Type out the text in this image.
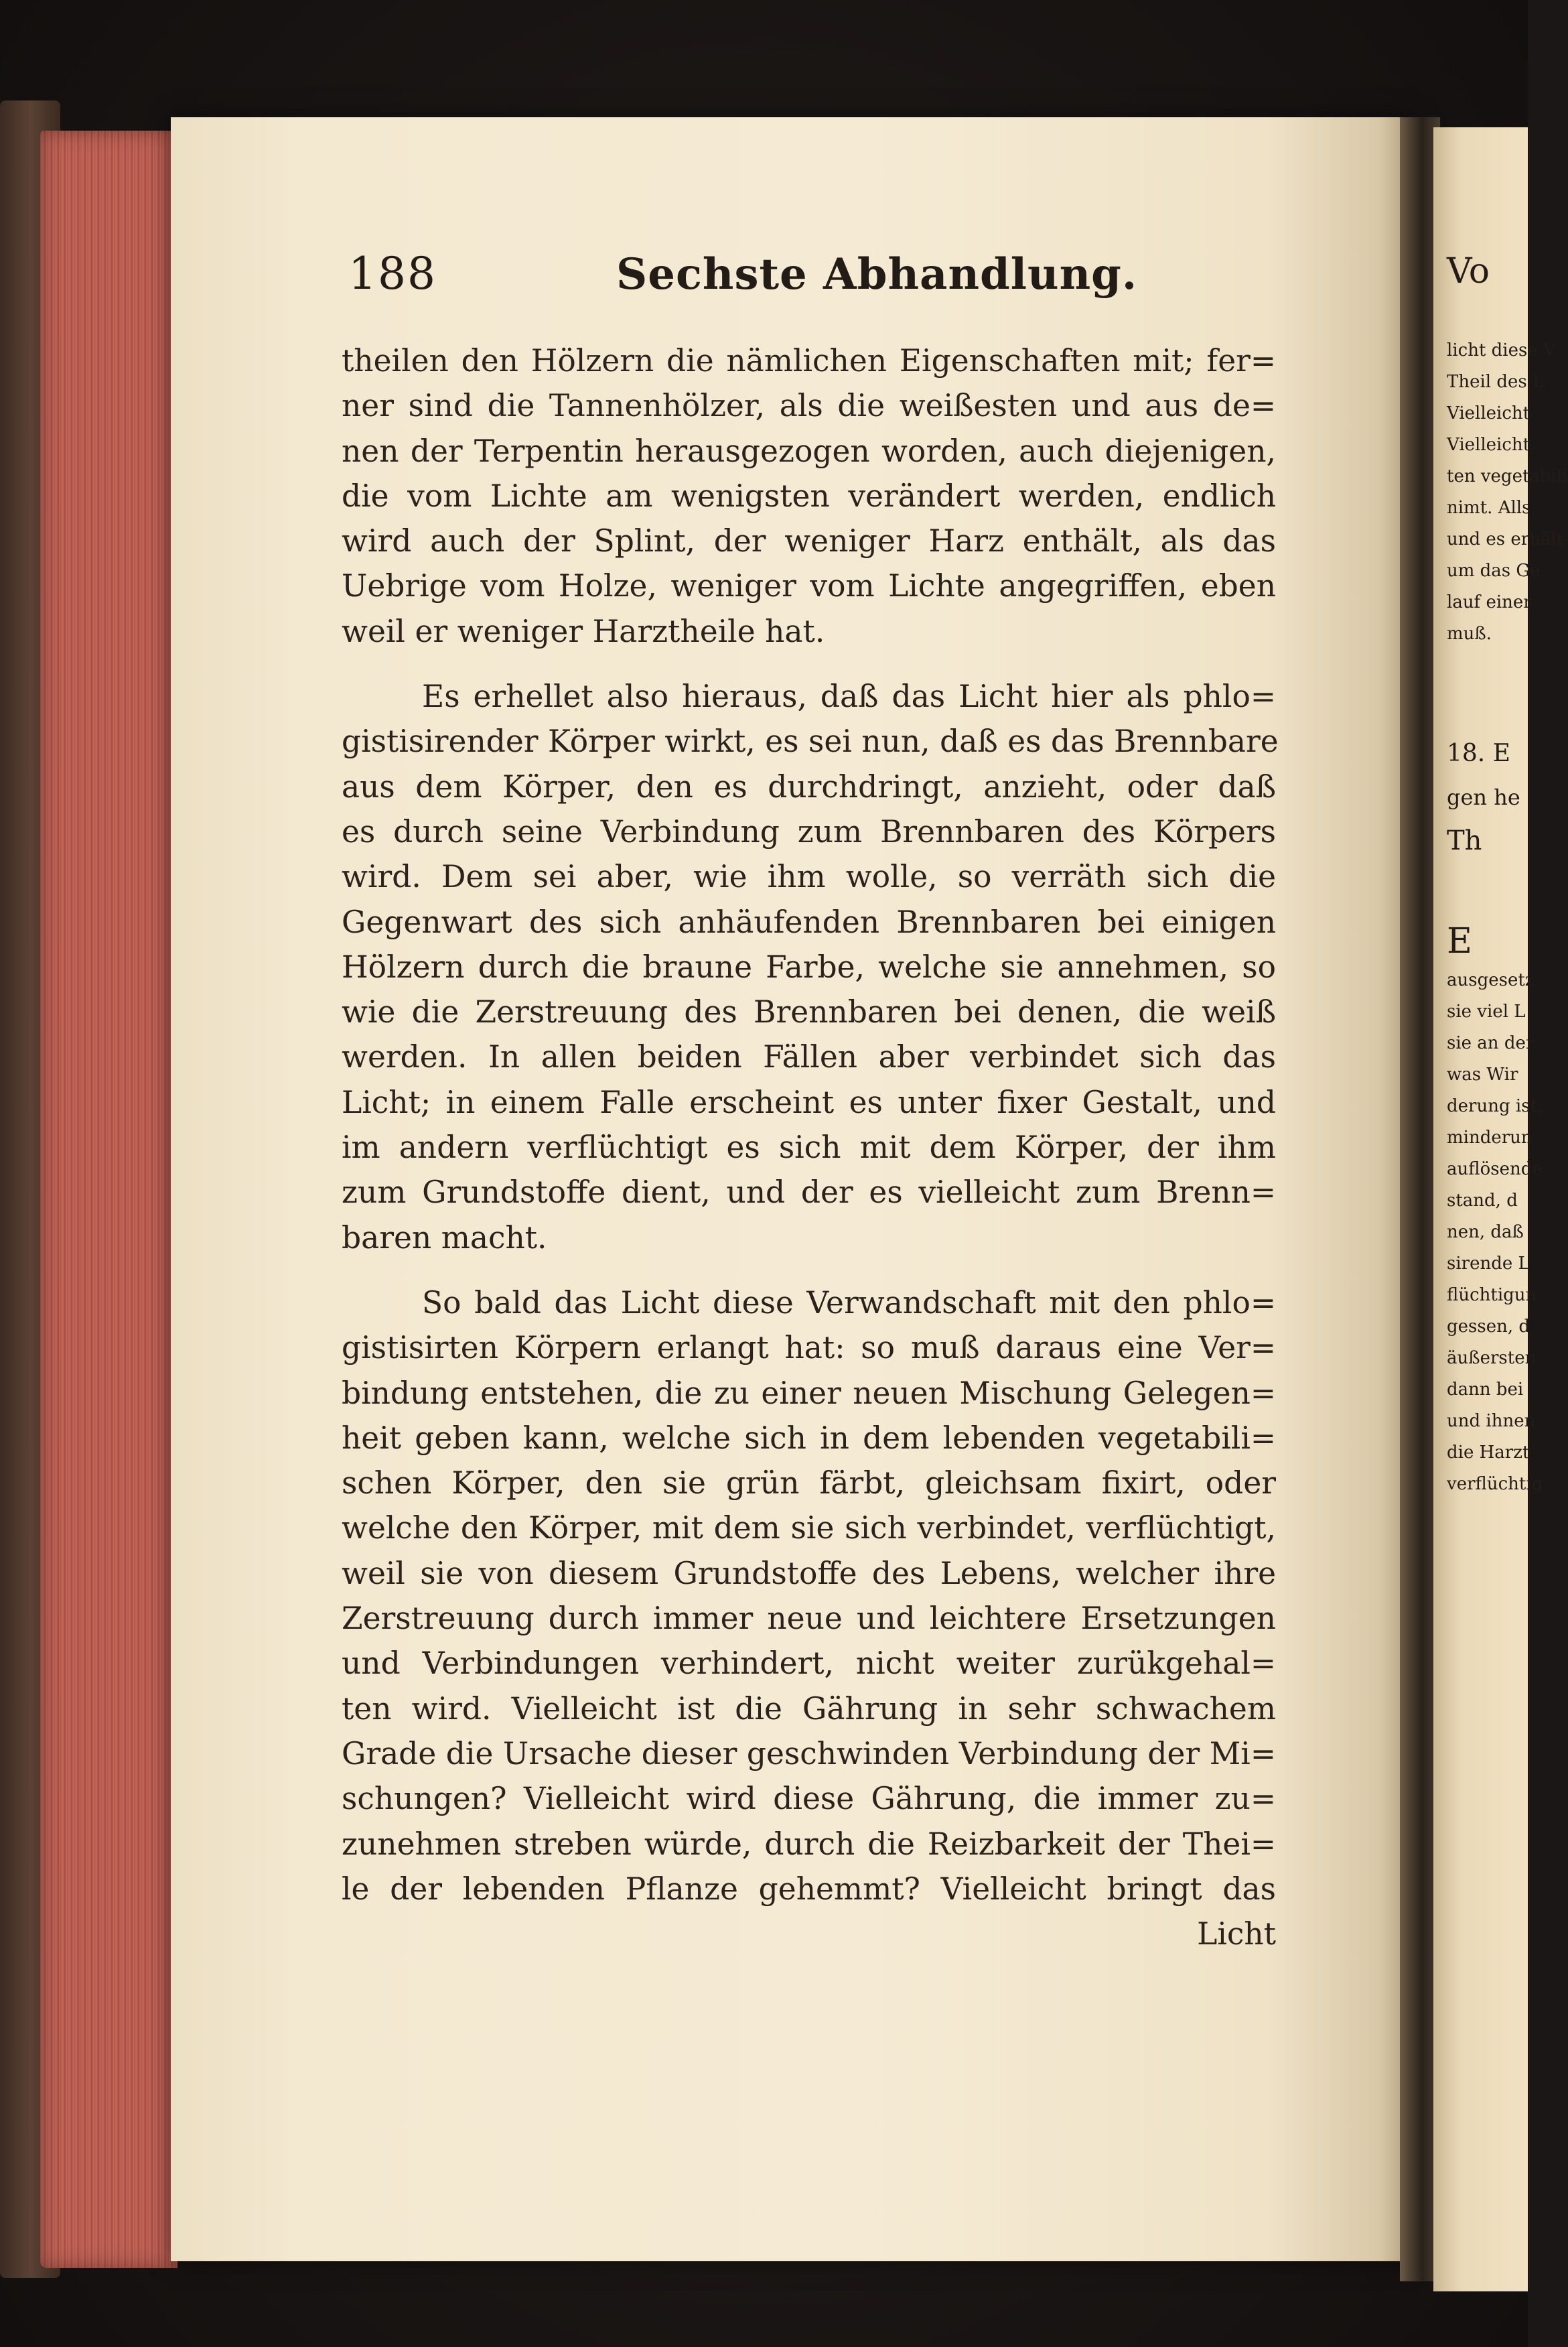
188	Sechste Abhandlung.
theilen den Hölzern die nämlichen Eigenschaften mit; fer=
ner sind die Tannenhölzer, als die weißesten und aus de=
nen der Terpentin herausgezogen worden, auch diejenigen,
die vom Lichte am wenigsten verändert werden, endlich
wird auch der Splint, der weniger Harz enthält, als das
Uebrige vom Holze, weniger vom Lichte angegriffen, eben
weil er weniger Harztheile hat.
Es erhellet also hieraus, daß das Licht hier als phlo=
gistisirender Körper wirkt, es sei nun, daß es das Brennbare
aus dem Körper, den es durchdringt, anzieht, oder daß
es durch seine Verbindung zum Brennbaren des Körpers
wird. Dem sei aber, wie ihm wolle, so verräth sich die
Gegenwart des sich anhäufenden Brennbaren bei einigen
Hölzern durch die braune Farbe, welche sie annehmen, so
wie die Zerstreuung des Brennbaren bei denen, die weiß
werden. In allen beiden Fällen aber verbindet sich das
Licht; in einem Falle erscheint es unter fixer Gestalt, und
im andern verflüchtigt es sich mit dem Körper, der ihm
zum Grundstoffe dient, und der es vielleicht zum Brenn=
baren macht.
So bald das Licht diese Verwandschaft mit den phlo=
gistisirten Körpern erlangt hat: so muß daraus eine Ver=
bindung entstehen, die zu einer neuen Mischung Gelegen=
heit geben kann, welche sich in dem lebenden vegetabili=
schen Körper, den sie grün färbt, gleichsam fixirt, oder
welche den Körper, mit dem sie sich verbindet, verflüchtigt,
weil sie von diesem Grundstoffe des Lebens, welcher ihre
Zerstreuung durch immer neue und leichtere Ersetzungen
und Verbindungen verhindert, nicht weiter zurükgehal=
ten wird. Vielleicht ist die Gährung in sehr schwachem
Grade die Ursache dieser geschwinden Verbindung der Mi=
schungen? Vielleicht wird diese Gährung, die immer zu=
zunehmen streben würde, durch die Reizbarkeit der Thei=
le der lebenden Pflanze gehemmt? Vielleicht bringt das
Licht
Vo
licht diese V
Theil des L
Vielleicht
Vielleicht
ten vegetabili
nimt. Alls
und es erhält
um das Ge
lauf einer
muß.
18. E
gen he
Th
E
ausgesetz
sie viel L
sie an der
was Wir
derung ist,
minderun
auflösende
stand, d
nen, daß
sirende L
flüchtigun
gessen, d
äußersten
dann bei
und ihnen
die Harzt
verflüchtig
